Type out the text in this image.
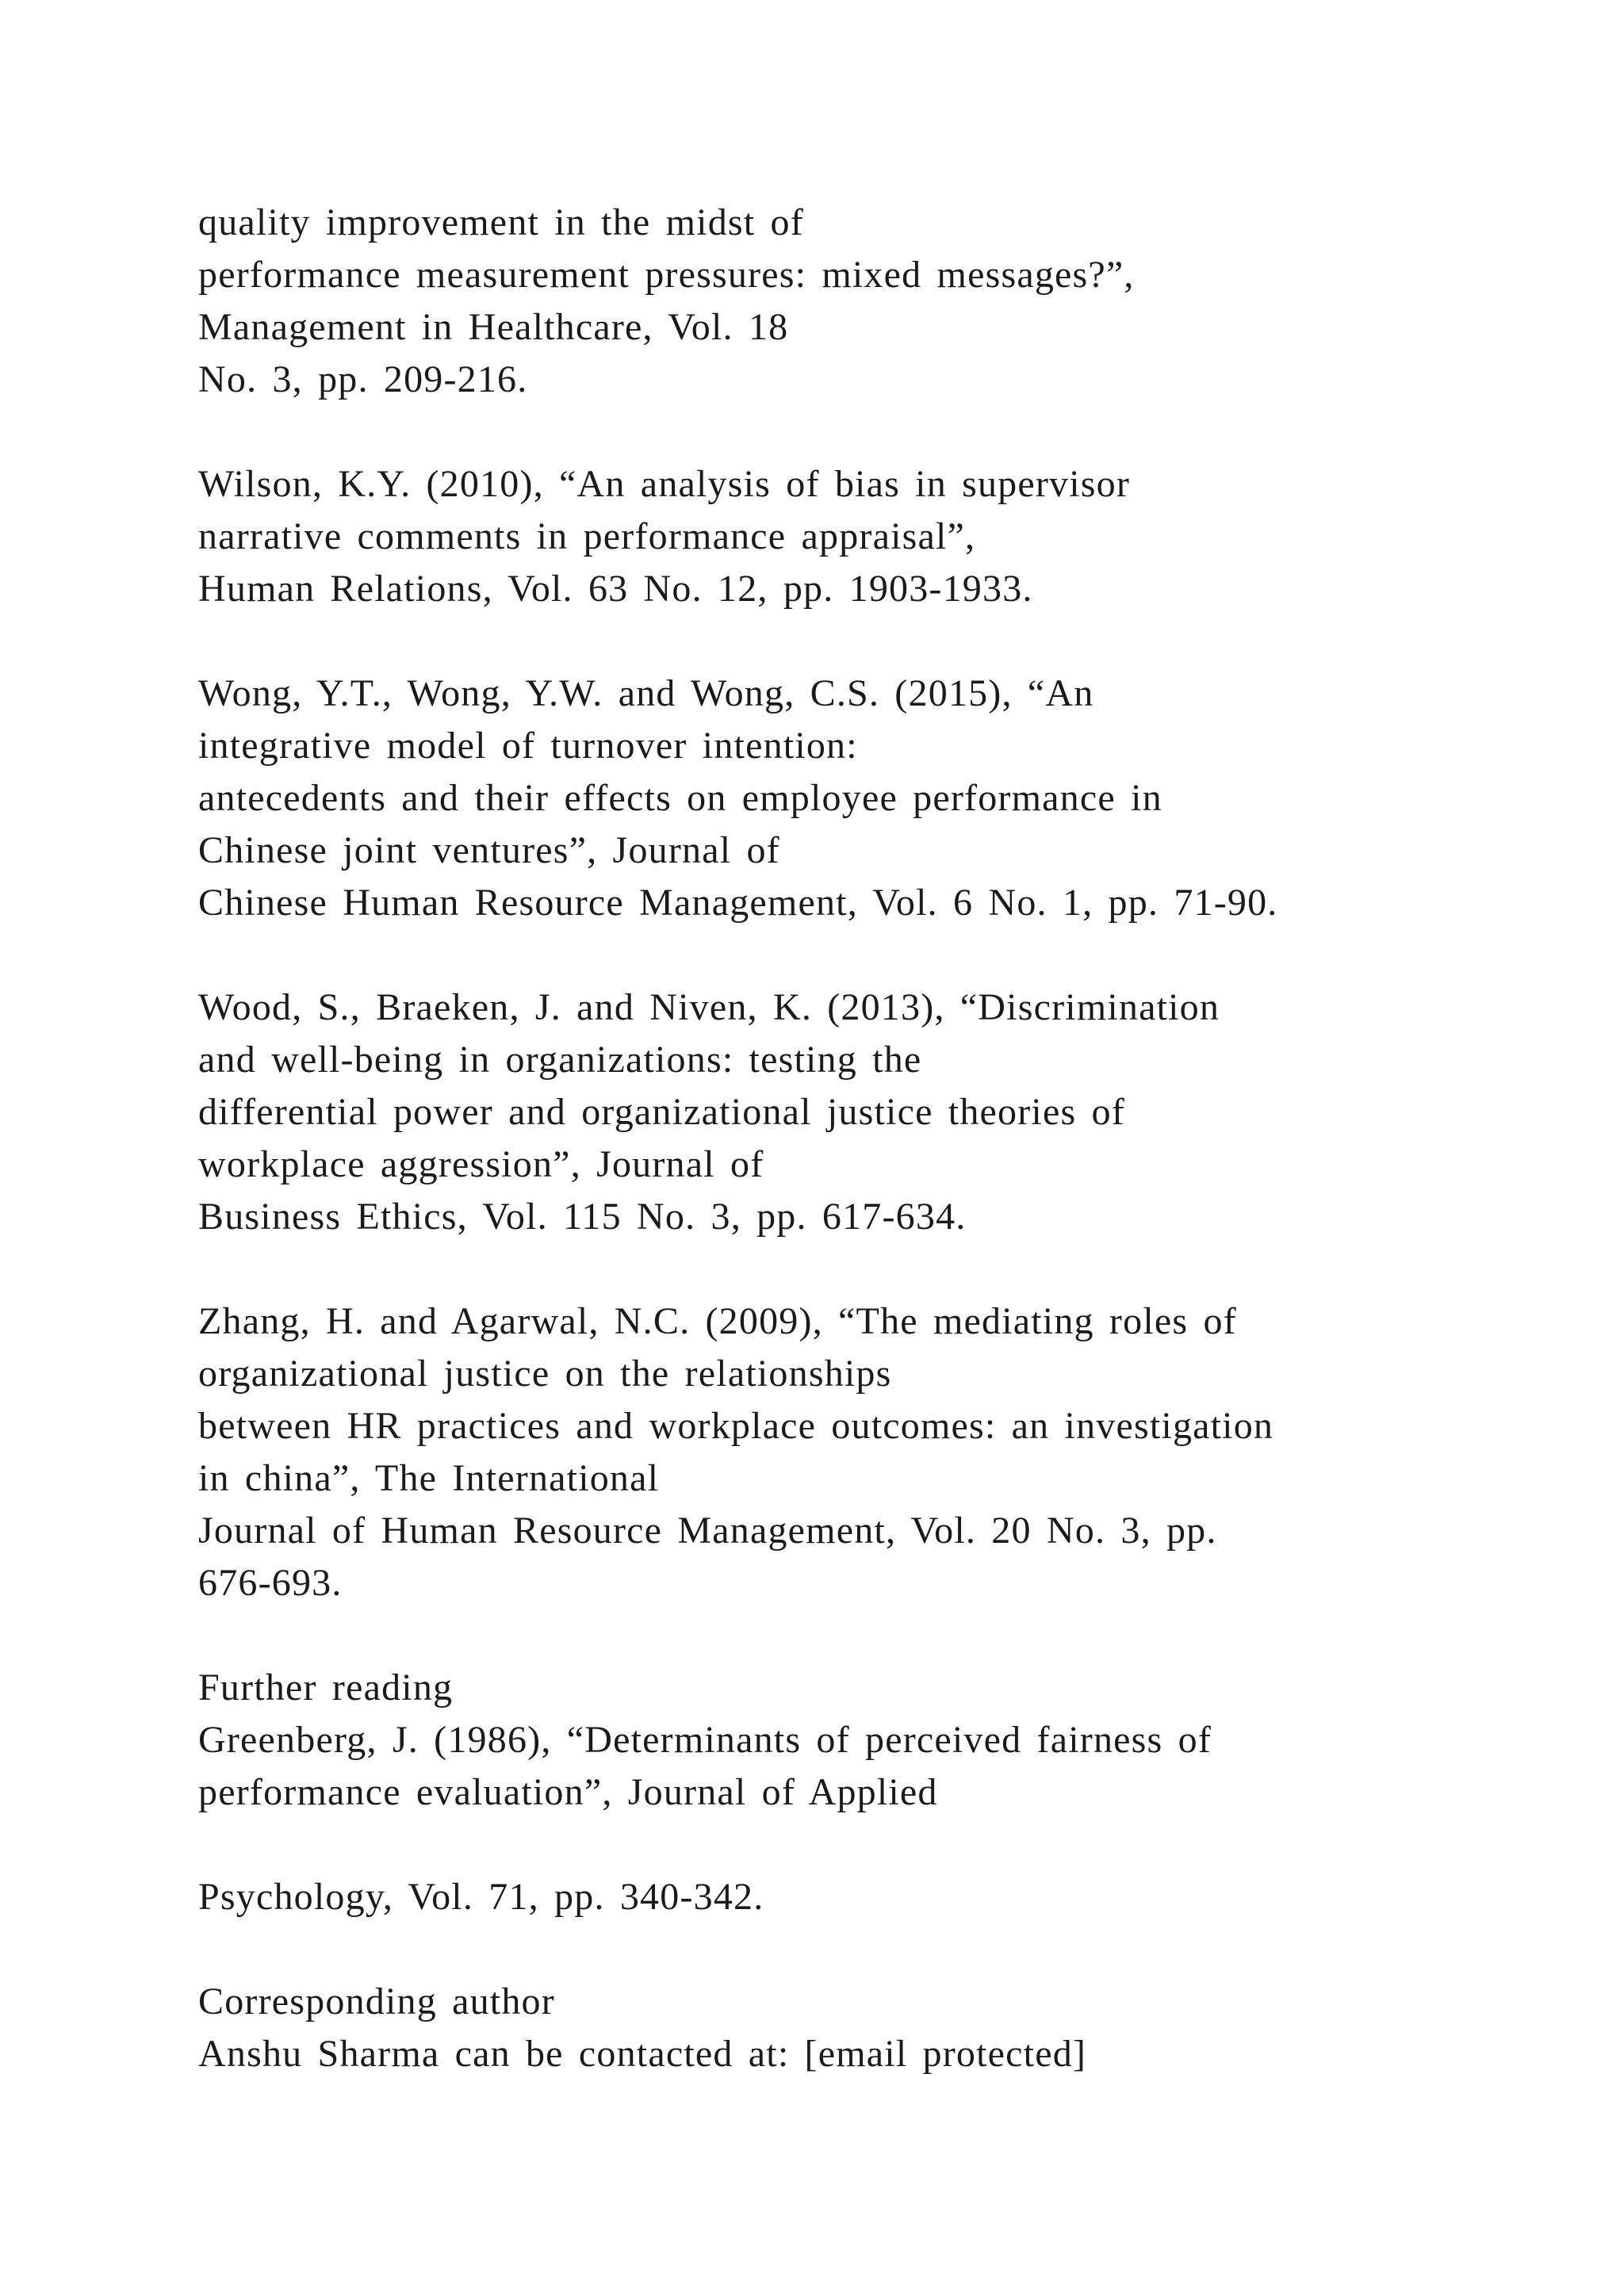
quality improvement in the midst of
performance measurement pressures: mixed messages?”,
Management in Healthcare, Vol. 18
No. 3, pp. 209-216.

Wilson, K.Y. (2010), “An analysis of bias in supervisor
narrative comments in performance appraisal”,
Human Relations, Vol. 63 No. 12, pp. 1903-1933.

Wong, Y.T., Wong, Y.W. and Wong, C.S. (2015), “An
integrative model of turnover intention:
antecedents and their effects on employee performance in
Chinese joint ventures”, Journal of
Chinese Human Resource Management, Vol. 6 No. 1, pp. 71-90.

Wood, S., Braeken, J. and Niven, K. (2013), “Discrimination
and well-being in organizations: testing the
differential power and organizational justice theories of
workplace aggression”, Journal of
Business Ethics, Vol. 115 No. 3, pp. 617-634.

Zhang, H. and Agarwal, N.C. (2009), “The mediating roles of
organizational justice on the relationships
between HR practices and workplace outcomes: an investigation
in china”, The International
Journal of Human Resource Management, Vol. 20 No. 3, pp.
676-693.

Further reading
Greenberg, J. (1986), “Determinants of perceived fairness of
performance evaluation”, Journal of Applied

Psychology, Vol. 71, pp. 340-342.

Corresponding author
Anshu Sharma can be contacted at: [email protected]
